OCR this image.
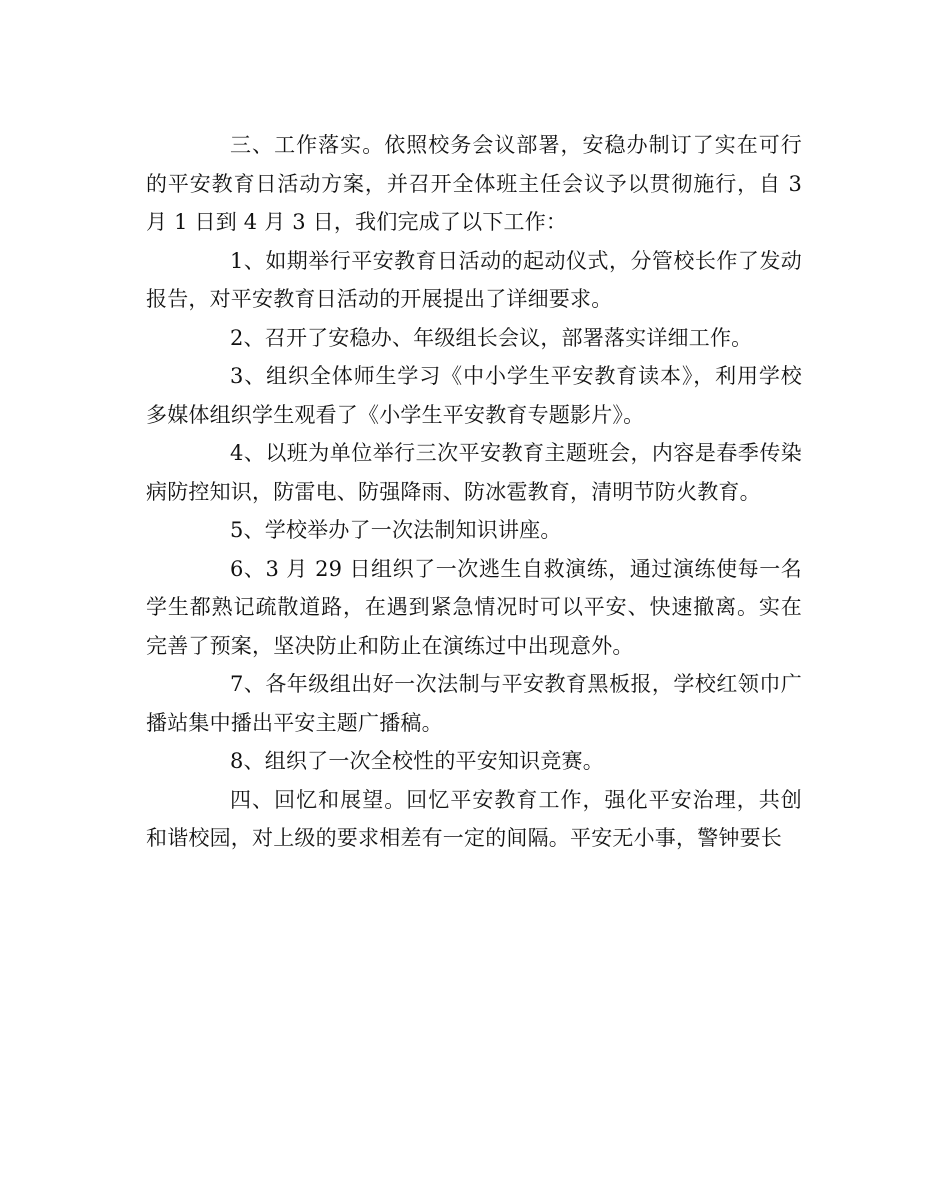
三、工作落实。依照校务会议部署，安稳办制订了实在可行的平安教育日活动方案，并召开全体班主任会议予以贯彻施行，自 3 月 1 日到 4 月 3 日，我们完成了以下工作：

1、如期举行平安教育日活动的起动仪式，分管校长作了发动报告，对平安教育日活动的开展提出了详细要求。

2、召开了安稳办、年级组长会议，部署落实详细工作。

3、组织全体师生学习《中小学生平安教育读本》，利用学校多媒体组织学生观看了《小学生平安教育专题影片》。

4、以班为单位举行三次平安教育主题班会，内容是春季传染病防控知识，防雷电、防强降雨、防冰雹教育，清明节防火教育。

5、学校举办了一次法制知识讲座。

6、3 月 29 日组织了一次逃生自救演练，通过演练使每一名学生都熟记疏散道路，在遇到紧急情况时可以平安、快速撤离。实在完善了预案，坚决防止和防止在演练过中出现意外。

7、各年级组出好一次法制与平安教育黑板报，学校红领巾广播站集中播出平安主题广播稿。

8、组织了一次全校性的平安知识竞赛。

四、回忆和展望。回忆平安教育工作，强化平安治理，共创和谐校园，对上级的要求相差有一定的间隔。平安无小事，警钟要长
